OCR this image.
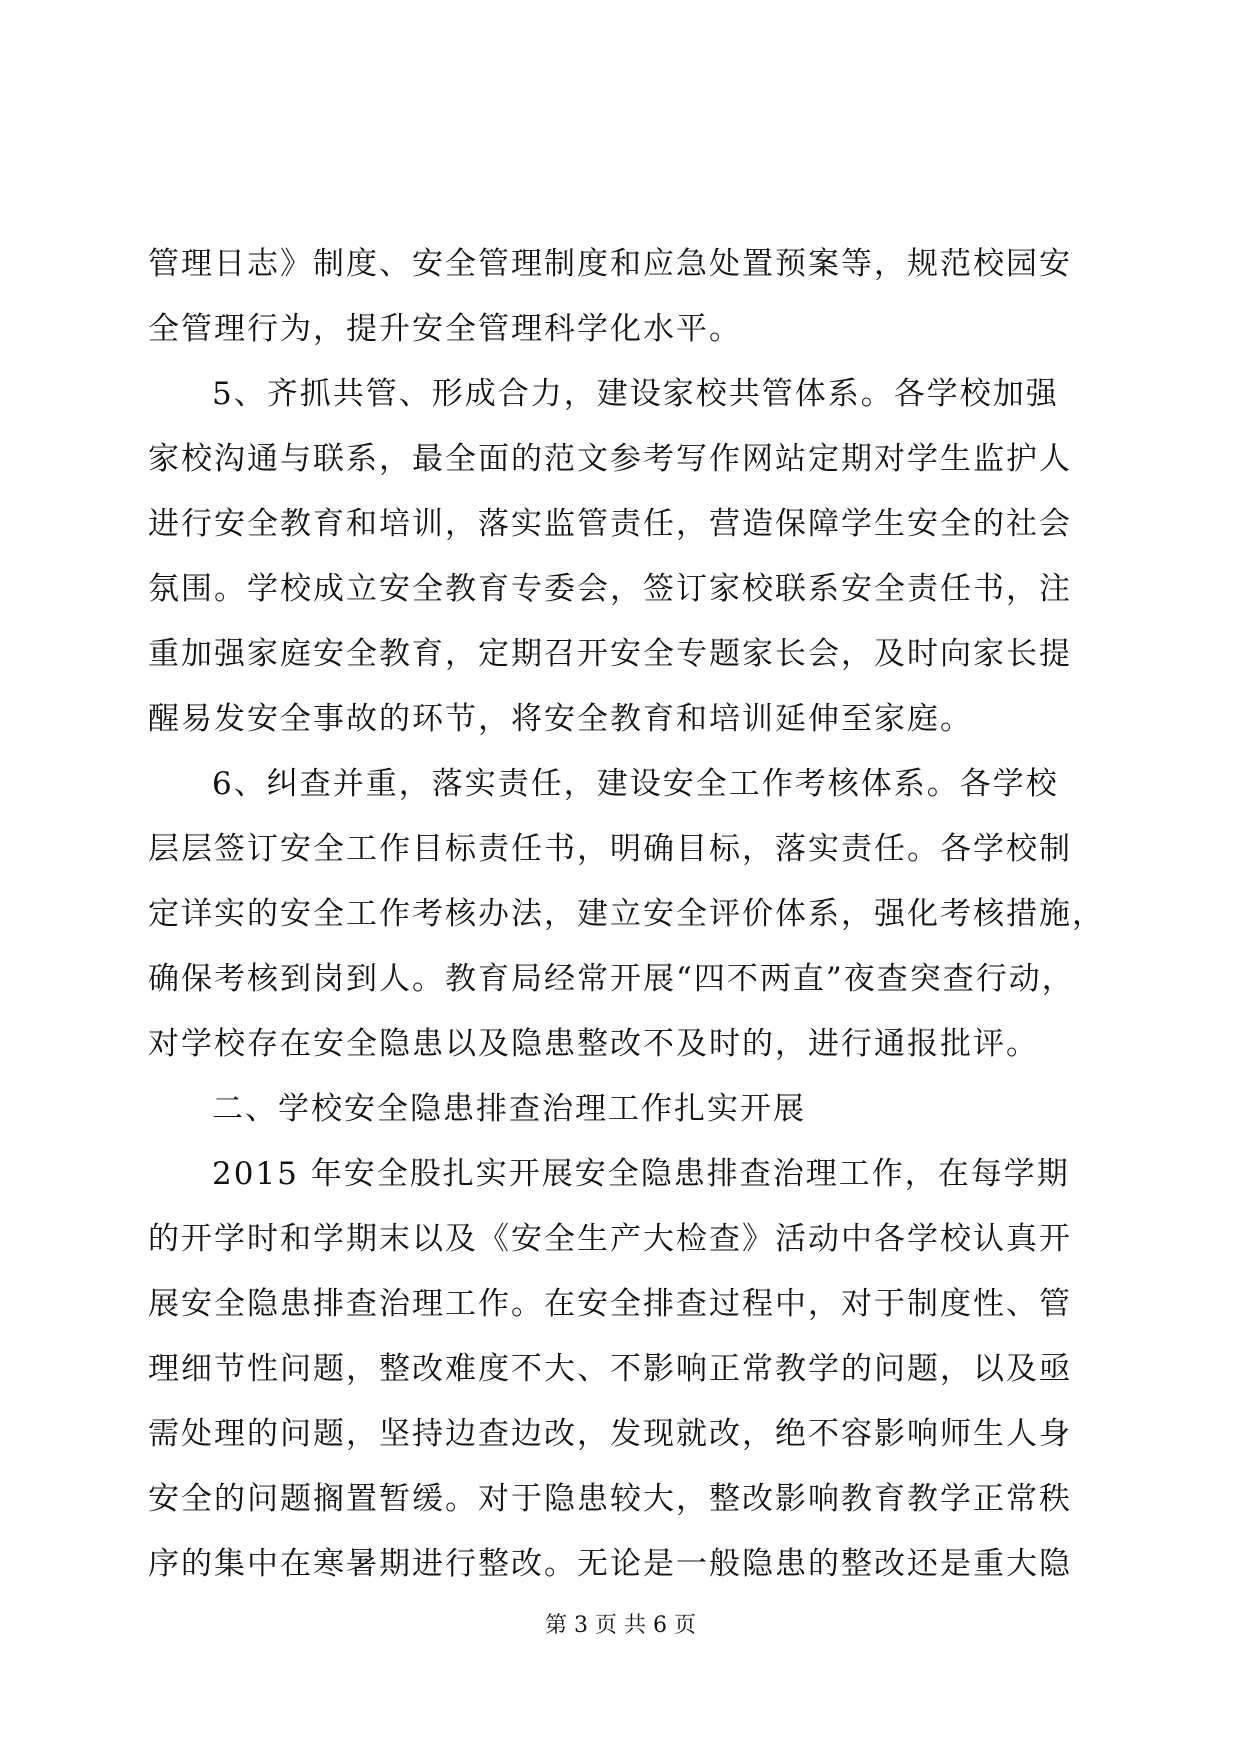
管理日志》制度、安全管理制度和应急处置预案等，规范校园安
全管理行为，提升安全管理科学化水平。
5、齐抓共管、形成合力，建设家校共管体系。各学校加强
家校沟通与联系，最全面的范文参考写作网站定期对学生监护人
进行安全教育和培训，落实监管责任，营造保障学生安全的社会
氛围。学校成立安全教育专委会，签订家校联系安全责任书，注
重加强家庭安全教育，定期召开安全专题家长会，及时向家长提
醒易发安全事故的环节，将安全教育和培训延伸至家庭。
6、纠查并重，落实责任，建设安全工作考核体系。各学校
层层签订安全工作目标责任书，明确目标，落实责任。各学校制
定详实的安全工作考核办法，建立安全评价体系，强化考核措施，
确保考核到岗到人。教育局经常开展“四不两直”夜查突查行动，
对学校存在安全隐患以及隐患整改不及时的，进行通报批评。
二、学校安全隐患排查治理工作扎实开展
2015 年安全股扎实开展安全隐患排查治理工作，在每学期
的开学时和学期末以及《安全生产大检查》活动中各学校认真开
展安全隐患排查治理工作。在安全排查过程中，对于制度性、管
理细节性问题，整改难度不大、不影响正常教学的问题，以及亟
需处理的问题，坚持边查边改，发现就改，绝不容影响师生人身
安全的问题搁置暂缓。对于隐患较大，整改影响教育教学正常秩
序的集中在寒暑期进行整改。无论是一般隐患的整改还是重大隐
第 3 页 共 6 页
